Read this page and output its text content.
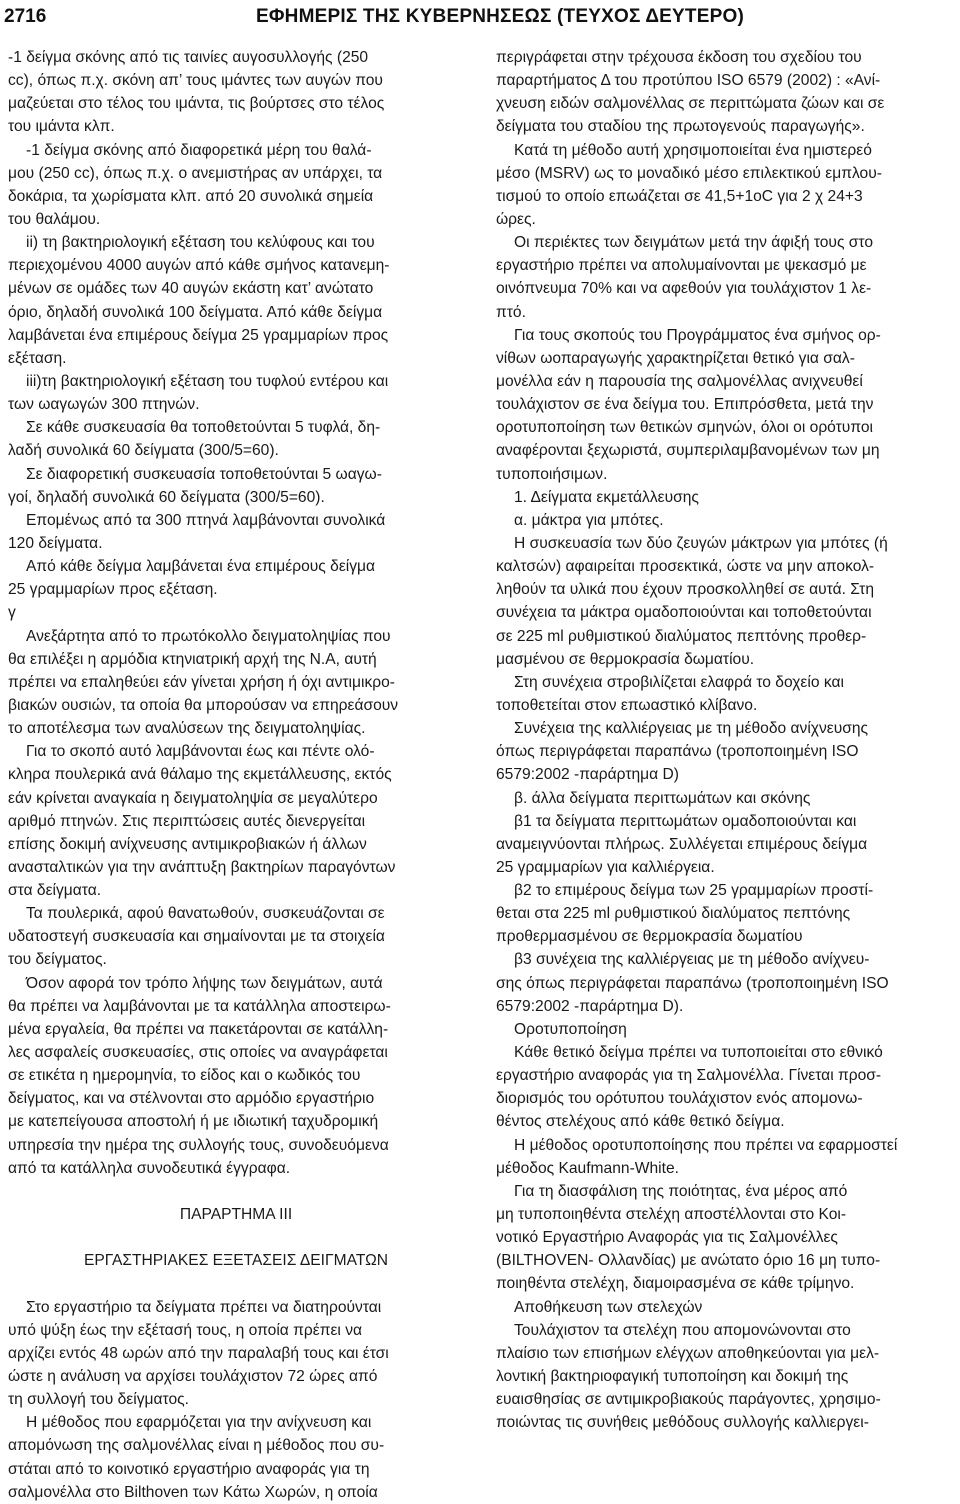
2716	ΕΦΗΜΕΡΙΣ ΤΗΣ ΚΥΒΕΡΝΗΣΕΩΣ (ΤΕΥΧΟΣ ΔΕΥΤΕΡΟ)
-1 δείγμα σκόνης από τις ταινίες αυγοσυλλογής (250
cc), όπως π.χ. σκόνη απ’ τους ιμάντες των αυγών που
μαζεύεται στο τέλος του ιμάντα, τις βούρτσες στο τέλος
του ιμάντα κλπ.
-1 δείγμα σκόνης από διαφορετικά μέρη του θαλά-
μου (250 cc), όπως π.χ. ο ανεμιστήρας αν υπάρχει, τα
δοκάρια, τα χωρίσματα κλπ. από 20 συνολικά σημεία
του θαλάμου.
ii) τη βακτηριολογική εξέταση του κελύφους και του
περιεχομένου 4000 αυγών από κάθε σμήνος κατανεμη-
μένων σε ομάδες των 40 αυγών εκάστη κατ’ ανώτατο
όριο, δηλαδή συνολικά 100 δείγματα. Από κάθε δείγμα
λαμβάνεται ένα επιμέρους δείγμα 25 γραμμαρίων προς
εξέταση.
iii)τη βακτηριολογική εξέταση του τυφλού εντέρου και
των ωαγωγών 300 πτηνών.
Σε κάθε συσκευασία θα τοποθετούνται 5 τυφλά, δη-
λαδή συνολικά 60 δείγματα (300/5=60).
Σε διαφορετική συσκευασία τοποθετούνται 5 ωαγω-
γοί, δηλαδή συνολικά 60 δείγματα (300/5=60).
Επομένως από τα 300 πτηνά λαμβάνονται συνολικά
120 δείγματα.
Από κάθε δείγμα λαμβάνεται ένα επιμέρους δείγμα
25 γραμμαρίων προς εξέταση.
γ
Ανεξάρτητα από το πρωτόκολλο δειγματοληψίας που
θα επιλέξει η αρμόδια κτηνιατρική αρχή της Ν.Α, αυτή
πρέπει να επαληθεύει εάν γίνεται χρήση ή όχι αντιμικρο-
βιακών ουσιών, τα οποία θα μπορούσαν να επηρεάσουν
το αποτέλεσμα των αναλύσεων της δειγματοληψίας.
Για το σκοπό αυτό λαμβάνονται έως και πέντε ολό-
κληρα πουλερικά ανά θάλαμο της εκμετάλλευσης, εκτός
εάν κρίνεται αναγκαία η δειγματοληψία σε μεγαλύτερο
αριθμό πτηνών. Στις περιπτώσεις αυτές διενεργείται
επίσης δοκιμή ανίχνευσης αντιμικροβιακών ή άλλων
ανασταλτικών για την ανάπτυξη βακτηρίων παραγόντων
στα δείγματα.
Τα πουλερικά, αφού θανατωθούν, συσκευάζονται σε
υδατοστεγή συσκευασία και σημαίνονται με τα στοιχεία
του δείγματος.
Όσον αφορά τον τρόπο λήψης των δειγμάτων, αυτά
θα πρέπει να λαμβάνονται με τα κατάλληλα αποστειρω-
μένα εργαλεία, θα πρέπει να πακετάρονται σε κατάλλη-
λες ασφαλείς συσκευασίες, στις οποίες να αναγράφεται
σε ετικέτα η ημερομηνία, το είδος και ο κωδικός του
δείγματος, και να στέλνονται στο αρμόδιο εργαστήριο
με κατεπείγουσα αποστολή ή με ιδιωτική ταχυδρομική
υπηρεσία την ημέρα της συλλογής τους, συνοδευόμενα
από τα κατάλληλα συνοδευτικά έγγραφα.
ΠΑΡΑΡΤΗΜΑ III
ΕΡΓΑΣΤΗΡΙΑΚΕΣ ΕΞΕΤΑΣΕΙΣ ΔΕΙΓΜΑΤΩΝ
Στο εργαστήριο τα δείγματα πρέπει να διατηρούνται
υπό ψύξη έως την εξέτασή τους, η οποία πρέπει να
αρχίζει εντός 48 ωρών από την παραλαβή τους και έτσι
ώστε η ανάλυση να αρχίσει τουλάχιστον 72 ώρες από
τη συλλογή του δείγματος.
Η μέθοδος που εφαρμόζεται για την ανίχνευση και
απομόνωση της σαλμονέλλας είναι η μέθοδος που συ-
στάται από το κοινοτικό εργαστήριο αναφοράς για τη
σαλμονέλλα στο Bilthoven των Κάτω Χωρών, η οποία
περιγράφεται στην τρέχουσα έκδοση του σχεδίου του
παραρτήματος Δ του προτύπου ISO 6579 (2002) : «Ανί-
χνευση ειδών σαλμονέλλας σε περιττώματα ζώων και σε
δείγματα του σταδίου της πρωτογενούς παραγωγής».
Κατά τη μέθοδο αυτή χρησιμοποιείται ένα ημιστερεό
μέσο (MSRV) ως το μοναδικό μέσο επιλεκτικού εμπλου-
τισμού το οποίο επωάζεται σε 41,5+1οC για 2 χ 24+3
ώρες.
Οι περιέκτες των δειγμάτων μετά την άφιξή τους στο
εργαστήριο πρέπει να απολυμαίνονται με ψεκασμό με
οινόπνευμα 70% και να αφεθούν για τουλάχιστον 1 λε-
πτό.
Για τους σκοπούς του Προγράμματος ένα σμήνος ορ-
νίθων ωοπαραγωγής χαρακτηρίζεται θετικό για σαλ-
μονέλλα εάν η παρουσία της σαλμονέλλας ανιχνευθεί
τουλάχιστον σε ένα δείγμα του. Επιπρόσθετα, μετά την
οροτυποποίηση των θετικών σμηνών, όλοι οι ορότυποι
αναφέρονται ξεχωριστά, συμπεριλαμβανομένων των μη
τυποποιήσιμων.
1. Δείγματα εκμετάλλευσης
α. μάκτρα για μπότες.
Η συσκευασία των δύο ζευγών μάκτρων για μπότες (ή
καλτσών) αφαιρείται προσεκτικά, ώστε να μην αποκολ-
ληθούν τα υλικά που έχουν προσκολληθεί σε αυτά. Στη
συνέχεια τα μάκτρα ομαδοποιούνται και τοποθετούνται
σε 225 ml ρυθμιστικού διαλύματος πεπτόνης προθερ-
μασμένου σε θερμοκρασία δωματίου.
Στη συνέχεια στροβιλίζεται ελαφρά το δοχείο και
τοποθετείται στον επωαστικό κλίβανο.
Συνέχεια της καλλιέργειας με τη μέθοδο ανίχνευσης
όπως περιγράφεται παραπάνω (τροποποιημένη ISO
6579:2002 -παράρτημα D)
β. άλλα δείγματα περιττωμάτων και σκόνης
β1 τα δείγματα περιττωμάτων ομαδοποιούνται και
αναμειγνύονται πλήρως. Συλλέγεται επιμέρους δείγμα
25 γραμμαρίων για καλλιέργεια.
β2 το επιμέρους δείγμα των 25 γραμμαρίων προστί-
θεται στα 225 ml ρυθμιστικού διαλύματος πεπτόνης
προθερμασμένου σε θερμοκρασία δωματίου
β3 συνέχεια της καλλιέργειας με τη μέθοδο ανίχνευ-
σης όπως περιγράφεται παραπάνω (τροποποιημένη ISO
6579:2002 -παράρτημα D).
Οροτυποποίηση
Κάθε θετικό δείγμα πρέπει να τυποποιείται στο εθνικό
εργαστήριο αναφοράς για τη Σαλμονέλλα. Γίνεται προσ-
διορισμός του ορότυπου τουλάχιστον ενός απομονω-
θέντος στελέχους από κάθε θετικό δείγμα.
Η μέθοδος οροτυποποίησης που πρέπει να εφαρμοστεί
μέθοδος Kaufmann-White.
Για τη διασφάλιση της ποιότητας, ένα μέρος από
μη τυποποιηθέντα στελέχη αποστέλλονται στο Κοι-
νοτικό Εργαστήριο Αναφοράς για τις Σαλμονέλλες
(BILTHOVEN- Ολλανδίας) με ανώτατο όριο 16 μη τυπο-
ποιηθέντα στελέχη, διαμοιρασμένα σε κάθε τρίμηνο.
Αποθήκευση των στελεχών
Τουλάχιστον τα στελέχη που απομονώνονται στο
πλαίσιο των επισήμων ελέγχων αποθηκεύονται για μελ-
λοντική βακτηριοφαγική τυποποίηση και δοκιμή της
ευαισθησίας σε αντιμικροβιακούς παράγοντες, χρησιμο-
ποιώντας τις συνήθεις μεθόδους συλλογής καλλιεργει-
